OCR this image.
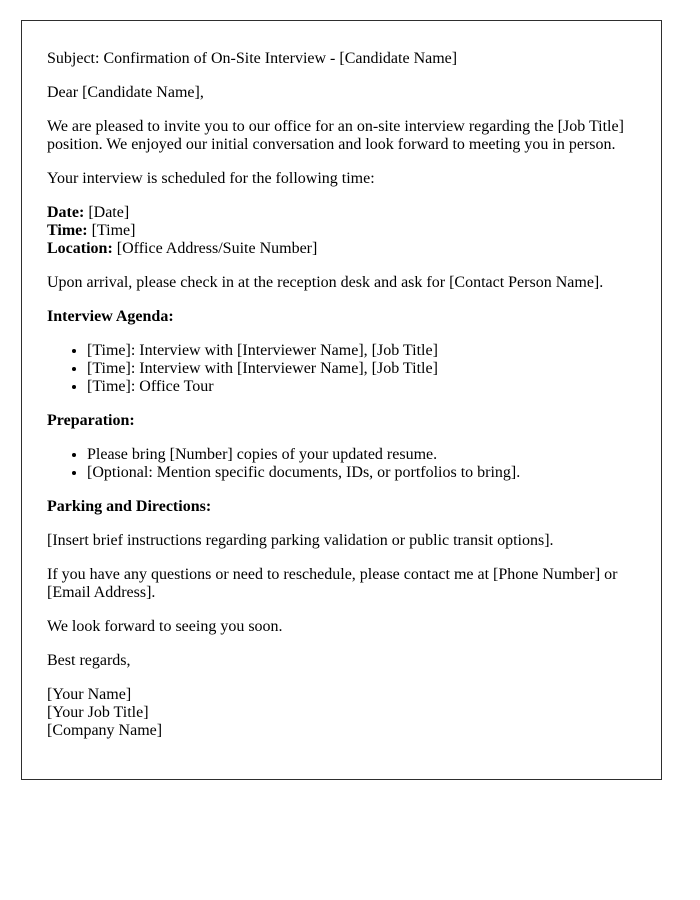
Subject: Confirmation of On-Site Interview - [Candidate Name]

Dear [Candidate Name],

We are pleased to invite you to our office for an on-site interview regarding the [Job Title] position. We enjoyed our initial conversation and look forward to meeting you in person.

Your interview is scheduled for the following time:

Date: [Date]
Time: [Time]
Location: [Office Address/Suite Number]

Upon arrival, please check in at the reception desk and ask for [Contact Person Name].

Interview Agenda:

• [Time]: Interview with [Interviewer Name], [Job Title]
• [Time]: Interview with [Interviewer Name], [Job Title]
• [Time]: Office Tour

Preparation:

• Please bring [Number] copies of your updated resume.
• [Optional: Mention specific documents, IDs, or portfolios to bring].

Parking and Directions:

[Insert brief instructions regarding parking validation or public transit options].

If you have any questions or need to reschedule, please contact me at [Phone Number] or [Email Address].

We look forward to seeing you soon.

Best regards,

[Your Name]
[Your Job Title]
[Company Name]
